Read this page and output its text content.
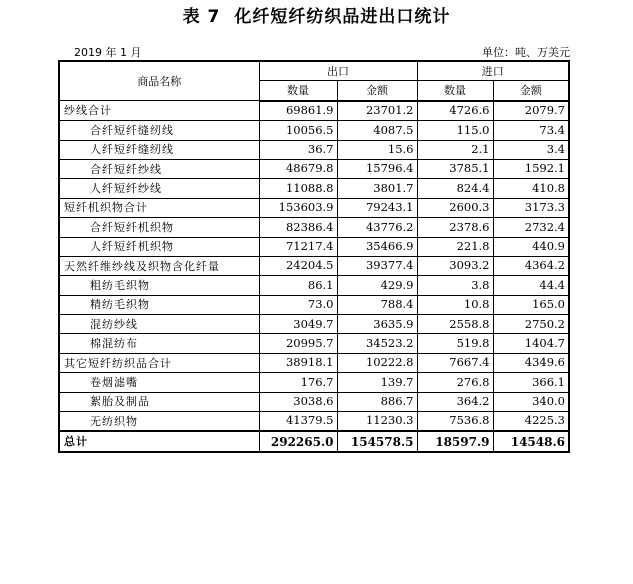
表 7 化纤短纤纺织品进出口统计
2019 年 1 月	单位：吨、万美元
商品名称	出口		进口	
	数量	金额	数量	金额
纱线合计	69861.9	23701.2	4726.6	2079.7
合纤短纤缝纫线	10056.5	4087.5	115.0	73.4
人纤短纤缝纫线	36.7	15.6	2.1	3.4
合纤短纤纱线	48679.8	15796.4	3785.1	1592.1
人纤短纤纱线	11088.8	3801.7	824.4	410.8
短纤机织物合计	153603.9	79243.1	2600.3	3173.3
合纤短纤机织物	82386.4	43776.2	2378.6	2732.4
人纤短纤机织物	71217.4	35466.9	221.8	440.9
天然纤维纱线及织物含化纤量	24204.5	39377.4	3093.2	4364.2
粗纺毛织物	86.1	429.9	3.8	44.4
精纺毛织物	73.0	788.4	10.8	165.0
混纺纱线	3049.7	3635.9	2558.8	2750.2
棉混纺布	20995.7	34523.2	519.8	1404.7
其它短纤纺织品合计	38918.1	10222.8	7667.4	4349.6
卷烟滤嘴	176.7	139.7	276.8	366.1
絮胎及制品	3038.6	886.7	364.2	340.0
无纺织物	41379.5	11230.3	7536.8	4225.3
总计	292265.0	154578.5	18597.9	14548.6
